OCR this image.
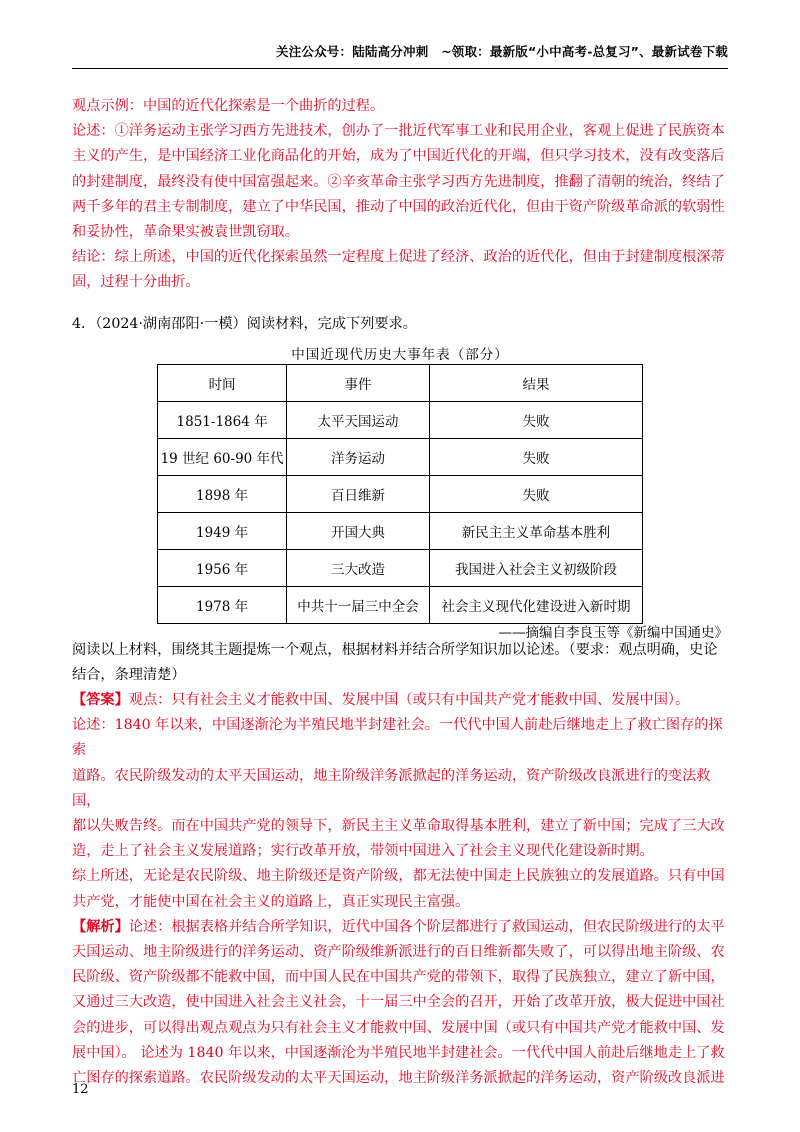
关注公众号：陆陆高分冲刺　~领取：最新版“小中高考-总复习”、最新试卷下载
观点示例：中国的近代化探索是一个曲折的过程。
论述：①洋务运动主张学习西方先进技术，创办了一批近代军事工业和民用企业，客观上促进了民族资本
主义的产生，是中国经济工业化商品化的开始，成为了中国近代化的开端，但只学习技术，没有改变落后
的封建制度，最终没有使中国富强起来。②辛亥革命主张学习西方先进制度，推翻了清朝的统治，终结了
两千多年的君主专制制度，建立了中华民国，推动了中国的政治近代化，但由于资产阶级革命派的软弱性
和妥协性，革命果实被袁世凯窃取。
结论：综上所述，中国的近代化探索虽然一定程度上促进了经济、政治的近代化，但由于封建制度根深蒂
固，过程十分曲折。
4．（2024·湖南邵阳·一模）阅读材料，完成下列要求。
中国近现代历史大事年表（部分）
时间	事件	结果
1851-1864 年	太平天国运动	失败
19 世纪 60-90 年代	洋务运动	失败
1898 年	百日维新	失败
1949 年	开国大典	新民主主义革命基本胜利
1956 年	三大改造	我国进入社会主义初级阶段
1978 年	中共十一届三中全会	社会主义现代化建设进入新时期
——摘编自李良玉等《新编中国通史》
阅读以上材料，围绕其主题提炼一个观点，根据材料并结合所学知识加以论述。（要求：观点明确，史论
结合，条理清楚）
【答案】观点：只有社会主义才能救中国、发展中国（或只有中国共产党才能救中国、发展中国）。
论述：1840 年以来，中国逐渐沦为半殖民地半封建社会。一代代中国人前赴后继地走上了救亡图存的探索
道路。农民阶级发动的太平天国运动，地主阶级洋务派掀起的洋务运动，资产阶级改良派进行的变法救国，
都以失败告终。而在中国共产党的领导下，新民主主义革命取得基本胜利，建立了新中国；完成了三大改
造，走上了社会主义发展道路；实行改革开放，带领中国进入了社会主义现代化建设新时期。
综上所述，无论是农民阶级、地主阶级还是资产阶级，都无法使中国走上民族独立的发展道路。只有中国
共产党，才能使中国在社会主义的道路上，真正实现民主富强。
【解析】论述：根据表格并结合所学知识，近代中国各个阶层都进行了救国运动，但农民阶级进行的太平
天国运动、地主阶级进行的洋务运动、资产阶级维新派进行的百日维新都失败了，可以得出地主阶级、农
民阶级、资产阶级都不能救中国，而中国人民在中国共产党的带领下，取得了民族独立，建立了新中国，
又通过三大改造，使中国进入社会主义社会，十一届三中全会的召开，开始了改革开放，极大促进中国社
会的进步，可以得出观点观点为只有社会主义才能救中国、发展中国（或只有中国共产党才能救中国、发
展中国）。 论述为 1840 年以来，中国逐渐沦为半殖民地半封建社会。一代代中国人前赴后继地走上了救
亡图存的探索道路。农民阶级发动的太平天国运动，地主阶级洋务派掀起的洋务运动，资产阶级改良派进
12
